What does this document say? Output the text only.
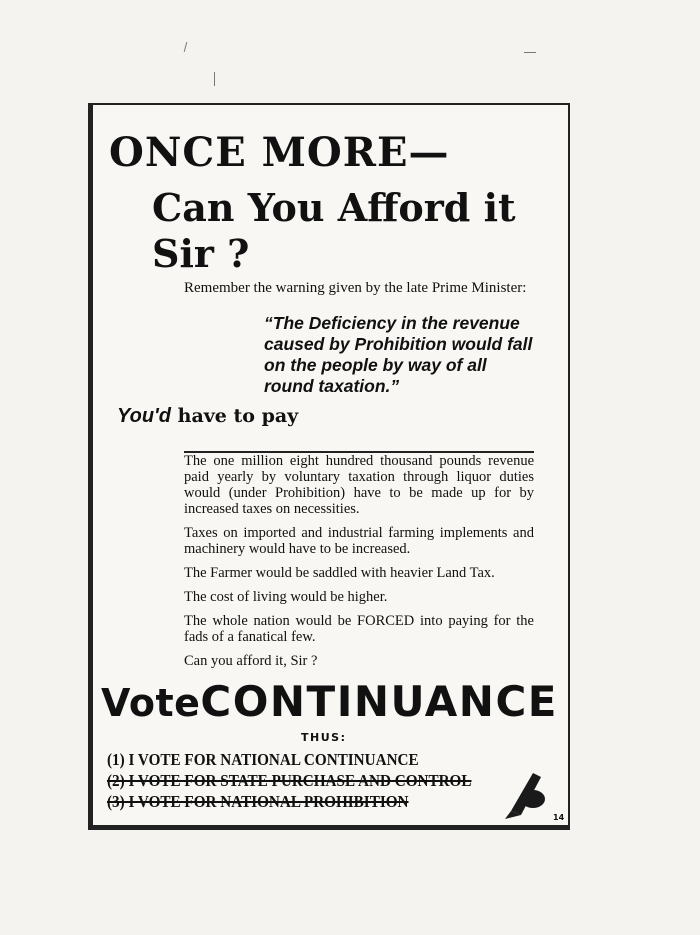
ONCE MORE—
Can You Afford it
Sir ?
Remember the warning given by the late Prime Minister:
“The Deficiency in the revenue caused by Prohibition would fall on the people by way of all round taxation.”
You'd have to pay

The one million eight hundred thousand pounds revenue paid yearly by voluntary taxation through liquor duties would (under Prohibition) have to be made up for by increased taxes on necessities.

Taxes on imported and industrial farming implements and machinery would have to be increased.

The Farmer would be saddled with heavier Land Tax.

The cost of living would be higher.

The whole nation would be FORCED into paying for the fads of a fanatical few.

Can you afford it, Sir ?

VoteCONTINUANCE
THUS:
(1) I VOTE FOR NATIONAL CONTINUANCE
(2) I VOTE FOR STATE PURCHASE AND CONTROL
(3) I VOTE FOR NATIONAL PROHIBITION
14
